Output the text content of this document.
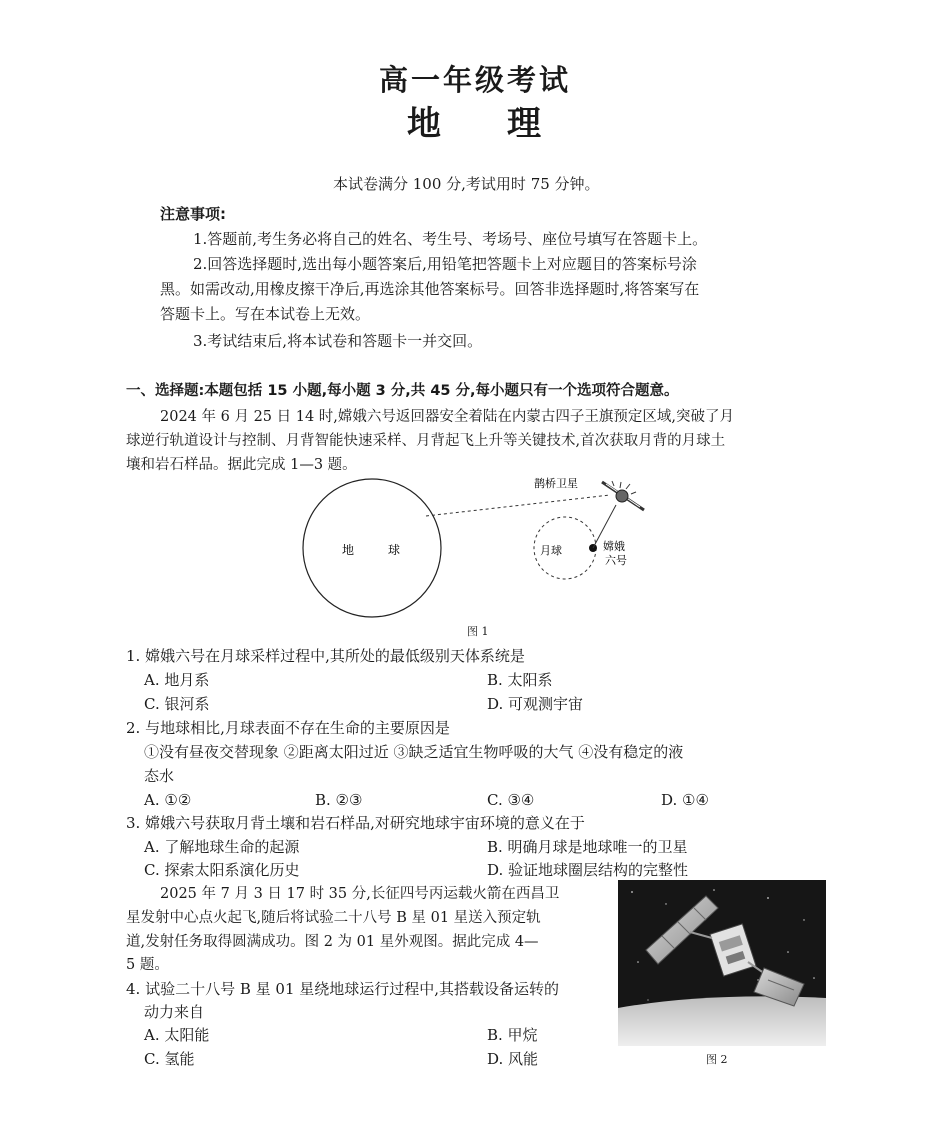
高一年级考试
地 理
本试卷满分 100 分,考试用时 75 分钟。
注意事项:
1.答题前,考生务必将自己的姓名、考生号、考场号、座位号填写在答题卡上。
2.回答选择题时,选出每小题答案后,用铅笔把答题卡上对应题目的答案标号涂
黑。如需改动,用橡皮擦干净后,再选涂其他答案标号。回答非选择题时,将答案写在
答题卡上。写在本试卷上无效。
3.考试结束后,将本试卷和答题卡一并交回。
一、选择题:本题包括 15 小题,每小题 3 分,共 45 分,每小题只有一个选项符合题意。
2024 年 6 月 25 日 14 时,嫦娥六号返回器安全着陆在内蒙古四子王旗预定区域,突破了月
球逆行轨道设计与控制、月背智能快速采样、月背起飞上升等关键技术,首次获取月背的月球土
壤和岩石样品。据此完成 1—3 题。
地	球	月球
鹊桥卫星
嫦娥
六号
图 1
1. 嫦娥六号在月球采样过程中,其所处的最低级别天体系统是
A. 地月系	B. 太阳系
C. 银河系	D. 可观测宇宙
2. 与地球相比,月球表面不存在生命的主要原因是
①没有昼夜交替现象 ②距离太阳过近 ③缺乏适宜生物呼吸的大气 ④没有稳定的液
态水
A. ①②	B. ②③	C. ③④	D. ①④
3. 嫦娥六号获取月背土壤和岩石样品,对研究地球宇宙环境的意义在于
A. 了解地球生命的起源	B. 明确月球是地球唯一的卫星
C. 探索太阳系演化历史	D. 验证地球圈层结构的完整性
2025 年 7 月 3 日 17 时 35 分,长征四号丙运载火箭在西昌卫
星发射中心点火起飞,随后将试验二十八号 B 星 01 星送入预定轨
道,发射任务取得圆满成功。图 2 为 01 星外观图。据此完成 4—
5 题。
4. 试验二十八号 B 星 01 星绕地球运行过程中,其搭载设备运转的
动力来自
A. 太阳能	B. 甲烷
C. 氢能	D. 风能	图 2
